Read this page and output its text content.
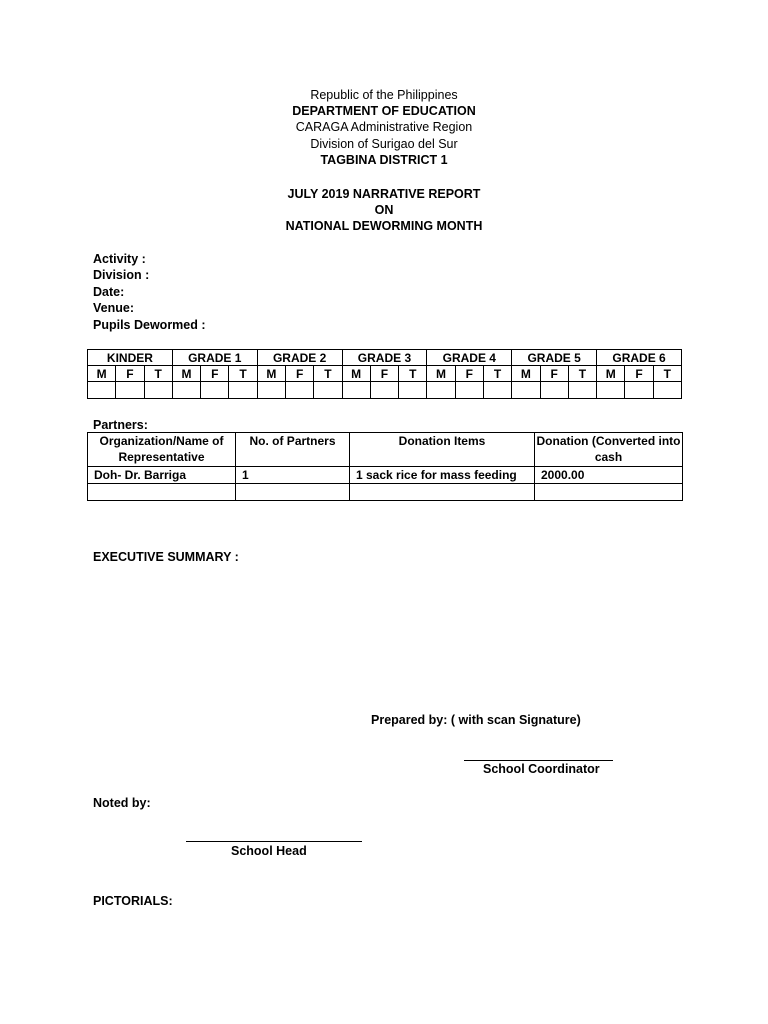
Republic of the Philippines
DEPARTMENT OF EDUCATION
CARAGA Administrative Region
Division of Surigao del Sur
TAGBINA DISTRICT 1
JULY 2019 NARRATIVE REPORT
ON
NATIONAL DEWORMING MONTH
Activity :
Division :
Date:
Venue:
Pupils Dewormed :
KINDER			GRADE 1			GRADE 2			GRADE 3			GRADE 4			GRADE 5			GRADE 6		
M	F	T	M	F	T	M	F	T	M	F	T	M	F	T	M	F	T	M	F	T

Partners:
Organization/Name of Representative	No. of Partners	Donation Items	Donation (Converted into cash
Doh- Dr. Barriga	1	1 sack rice for mass feeding	2000.00

EXECUTIVE SUMMARY :
Prepared by: ( with scan Signature)
School Coordinator
Noted by:
School Head
PICTORIALS:
